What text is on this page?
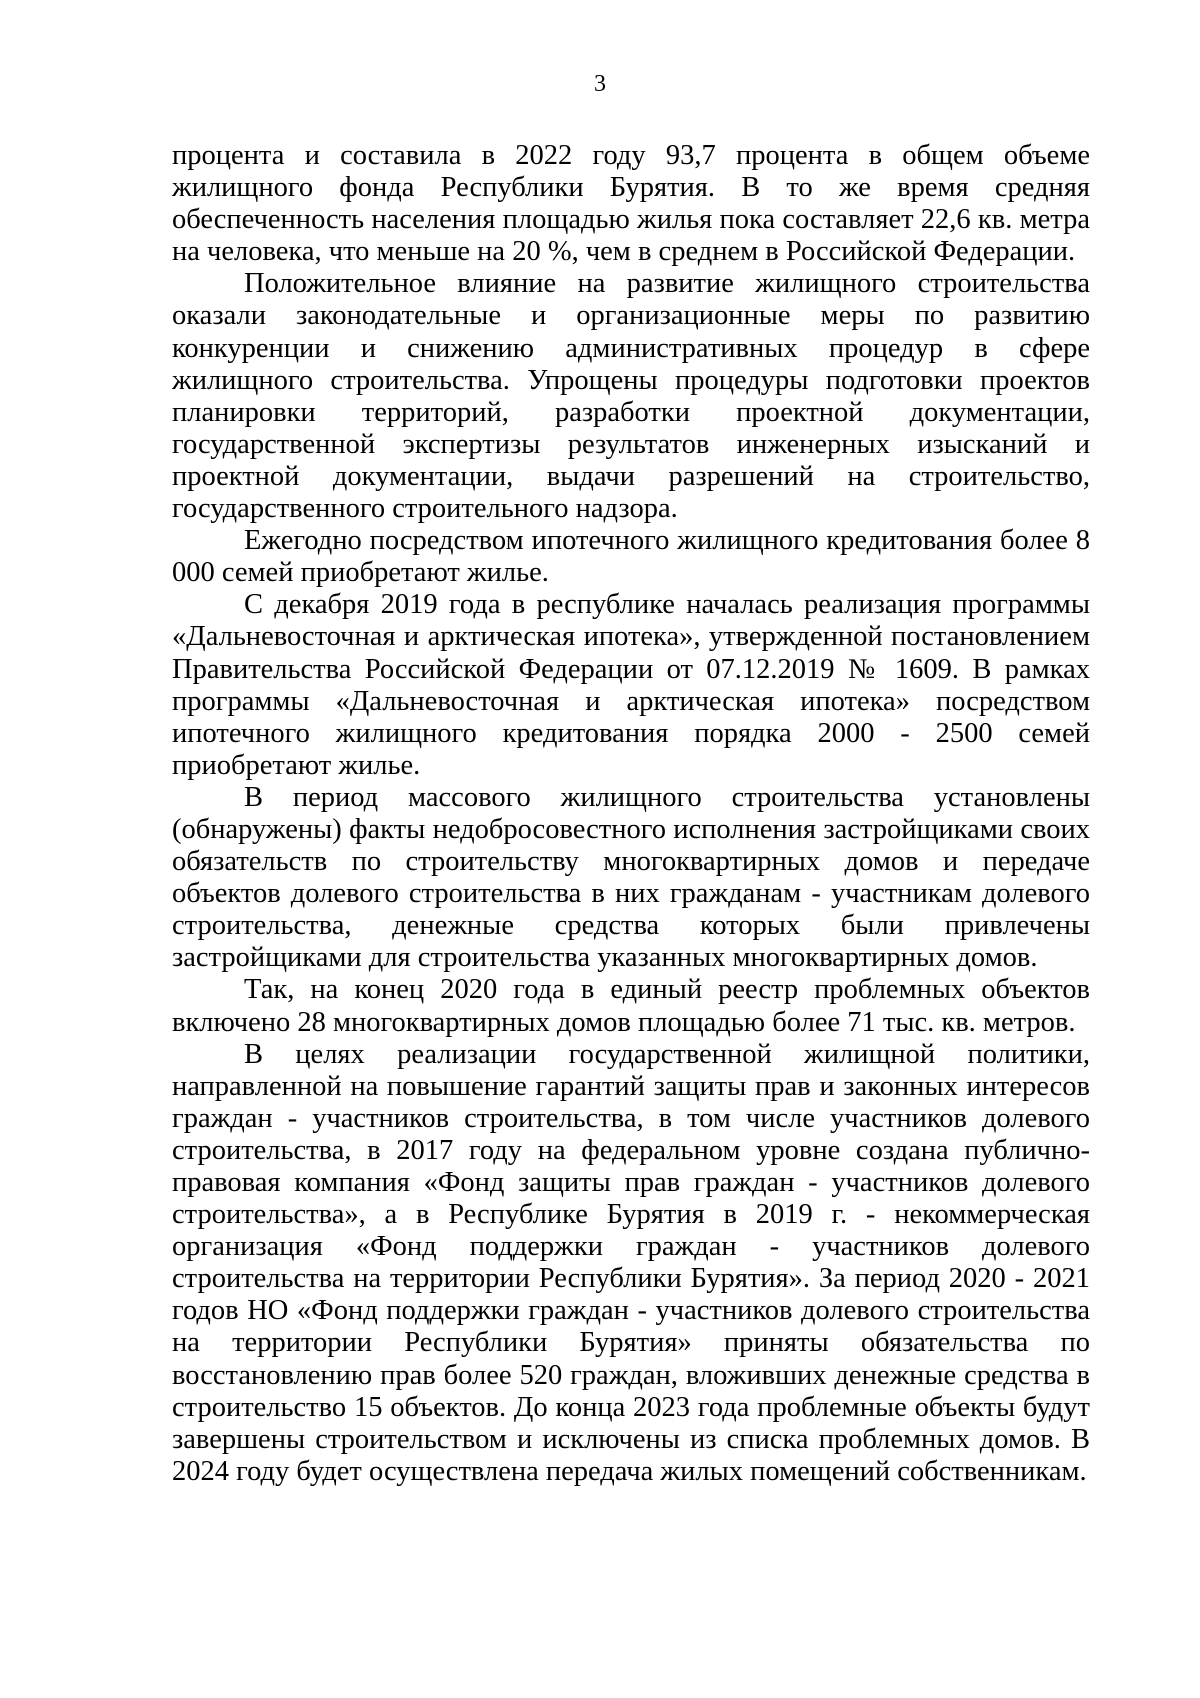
3

процента и составила в 2022 году 93,7 процента в общем объеме жилищного фонда Республики Бурятия. В то же время средняя обеспеченность населения площадью жилья пока составляет 22,6 кв. метра на человека, что меньше на 20 %, чем в среднем в Российской Федерации.

Положительное влияние на развитие жилищного строительства оказали законодательные и организационные меры по развитию конкуренции и снижению административных процедур в сфере жилищного строительства. Упрощены процедуры подготовки проектов планировки территорий, разработки проектной документации, государственной экспертизы результатов инженерных изысканий и проектной документации, выдачи разрешений на строительство, государственного строительного надзора.

Ежегодно посредством ипотечного жилищного кредитования более 8 000 семей приобретают жилье.

С декабря 2019 года в республике началась реализация программы «Дальневосточная и арктическая ипотека», утвержденной постановлением Правительства Российской Федерации от 07.12.2019 № 1609. В рамках программы «Дальневосточная и арктическая ипотека» посредством ипотечного жилищного кредитования порядка 2000 - 2500 семей приобретают жилье.

В период массового жилищного строительства установлены (обнаружены) факты недобросовестного исполнения застройщиками своих обязательств по строительству многоквартирных домов и передаче объектов долевого строительства в них гражданам - участникам долевого строительства, денежные средства которых были привлечены застройщиками для строительства указанных многоквартирных домов.

Так, на конец 2020 года в единый реестр проблемных объектов включено 28 многоквартирных домов площадью более 71 тыс. кв. метров.

В целях реализации государственной жилищной политики, направленной на повышение гарантий защиты прав и законных интересов граждан - участников строительства, в том числе участников долевого строительства, в 2017 году на федеральном уровне создана публично-правовая компания «Фонд защиты прав граждан - участников долевого строительства», а в Республике Бурятия в 2019 г. - некоммерческая организация «Фонд поддержки граждан - участников долевого строительства на территории Республики Бурятия». За период 2020 - 2021 годов НО «Фонд поддержки граждан - участников долевого строительства на территории Республики Бурятия» приняты обязательства по восстановлению прав более 520 граждан, вложивших денежные средства в строительство 15 объектов. До конца 2023 года проблемные объекты будут завершены строительством и исключены из списка проблемных домов. В 2024 году будет осуществлена передача жилых помещений собственникам.
